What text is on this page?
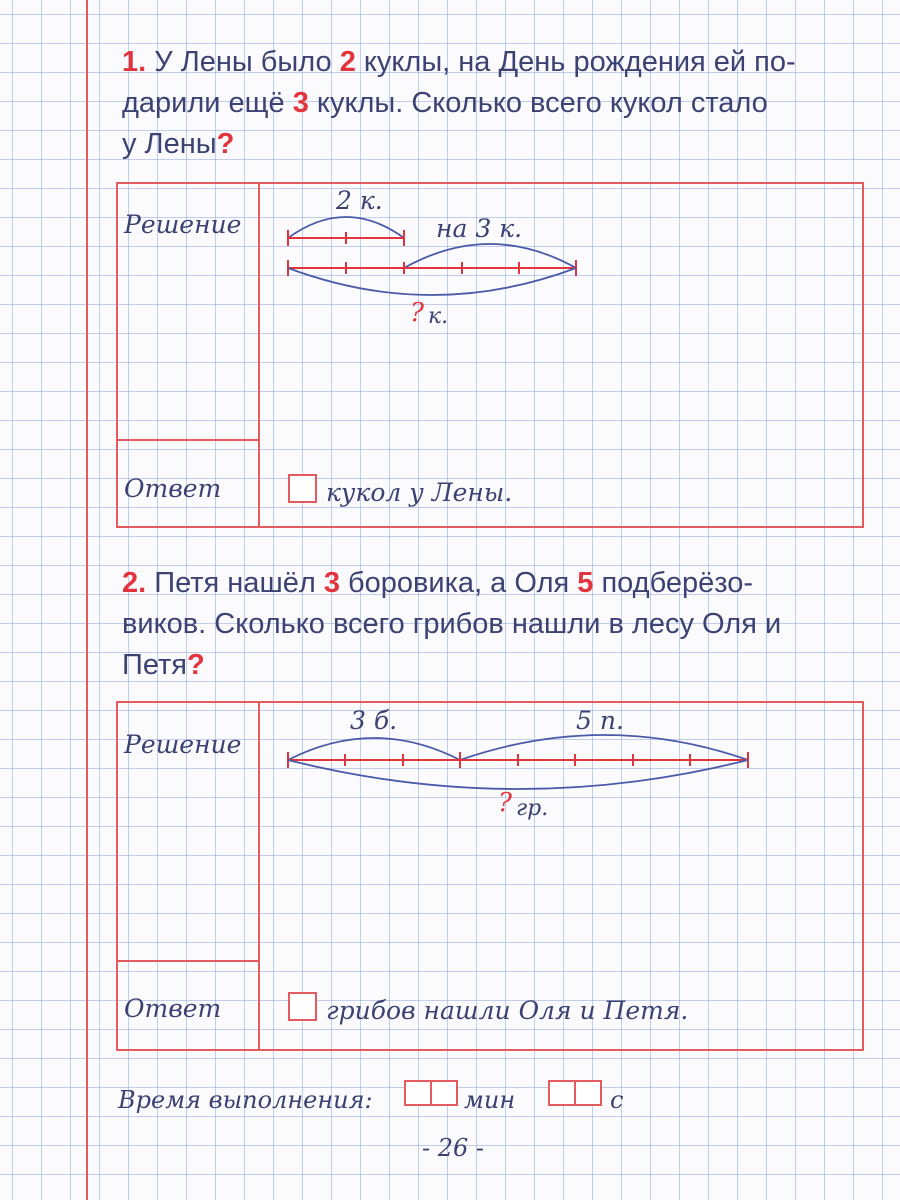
1. У Лены было 2 куклы, на День рождения ей по-
дарили ещё 3 куклы. Сколько всего кукол стало
у Лены?
Решение
Ответ
2 к.
на 3 к.
? к.
кукол у Лены.
2. Петя нашёл 3 боровика, а Оля 5 подберёзо-
виков. Сколько всего грибов нашли в лесу Оля и
Петя?
Решение
Ответ
3 б.	5 п.
? гр.
грибов нашли Оля и Петя.
Время выполнения:	мин	с
- 26 -
